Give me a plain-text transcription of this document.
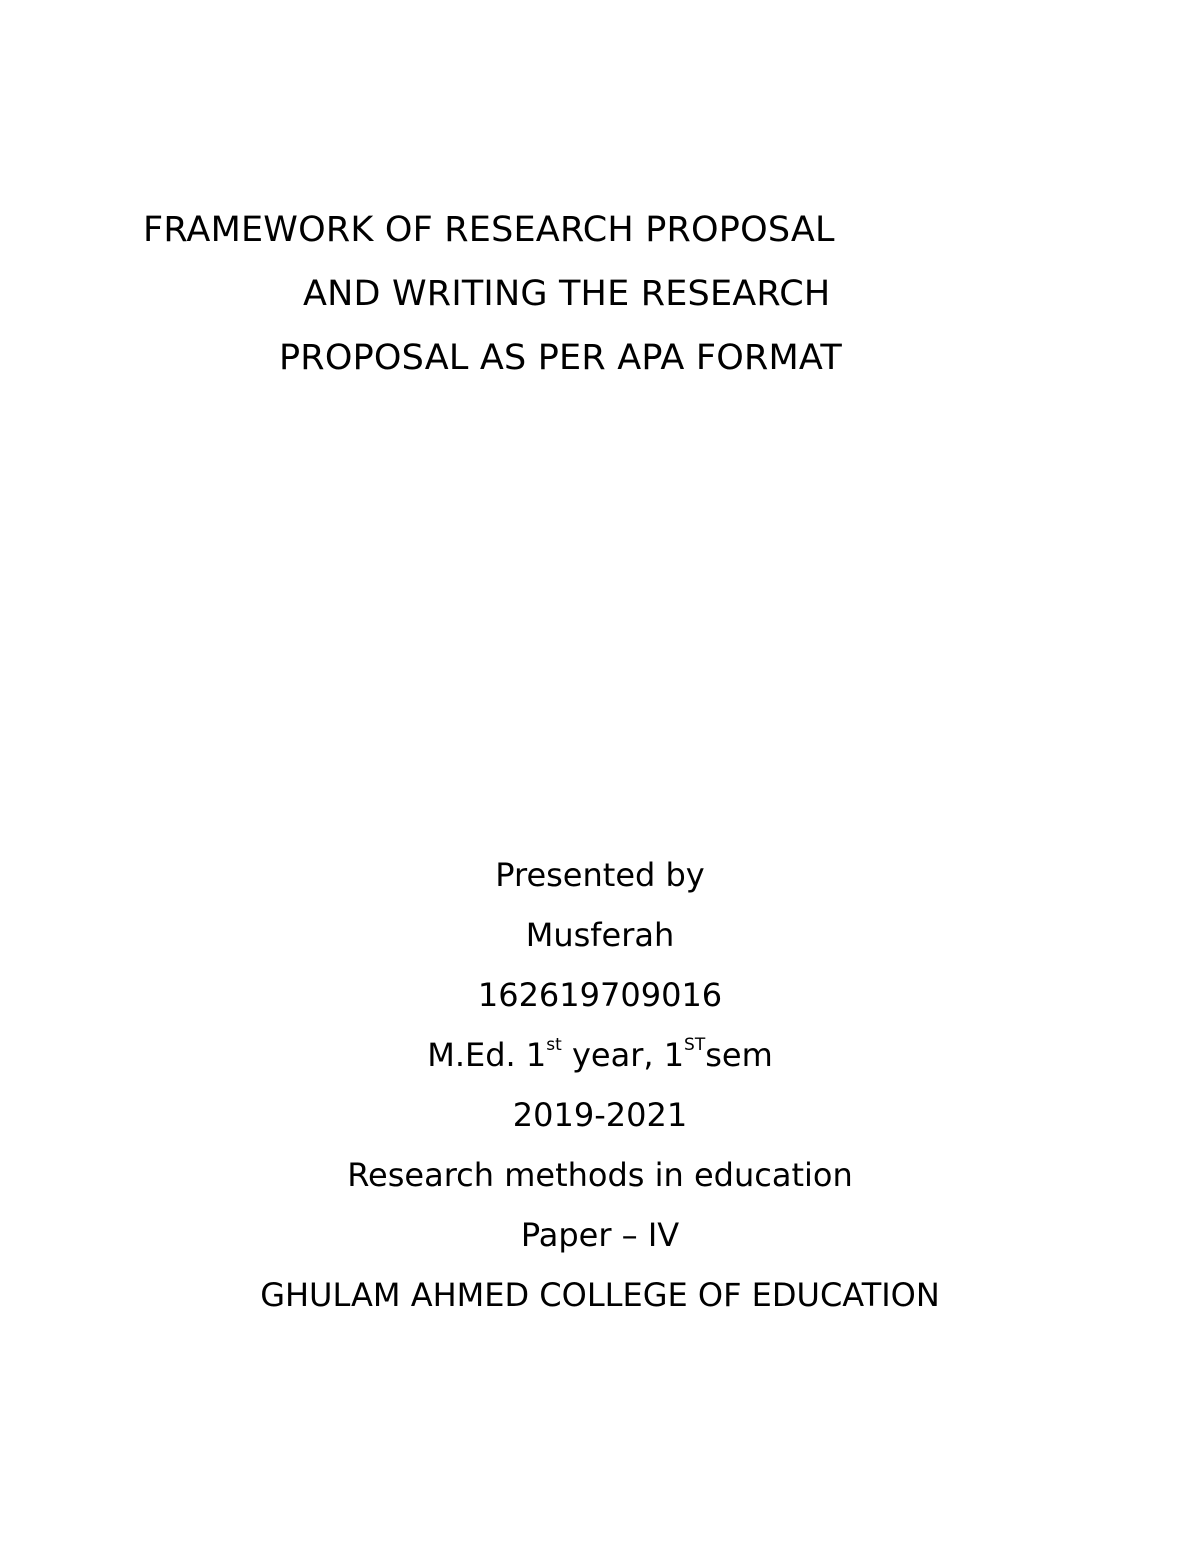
FRAMEWORK OF RESEARCH PROPOSAL
AND WRITING THE RESEARCH
PROPOSAL AS PER APA FORMAT
Presented by
Musferah
162619709016
M.Ed. 1st year, 1STsem
2019-2021
Research methods in education
Paper – IV
GHULAM AHMED COLLEGE OF EDUCATION
